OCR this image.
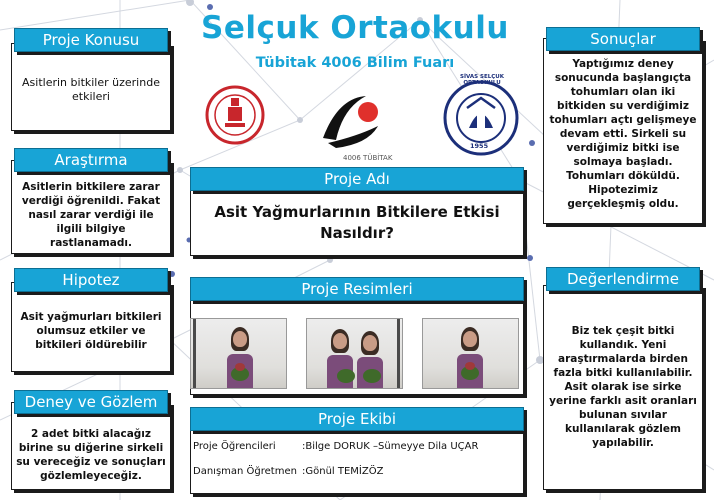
Selçuk Ortaokulu
Tübitak 4006 Bilim Fuarı
4006 TÜBİTAK
1955
SİVAS SELÇUK ORTAOKULU
Proje Konusu
Asitlerin bitkiler üzerinde etkileri
Araştırma
Asitlerin bitkilere zarar verdiği öğrenildi. Fakat nasıl zarar verdiği ile ilgili bilgiye rastlanamadı.
Hipotez
Asit yağmurları bitkileri olumsuz etkiler ve bitkileri öldürebilir
Deney ve Gözlem
2 adet bitki alacağız birine su diğerine sirkeli su vereceğiz ve sonuçları gözlemleyeceğiz.
Proje Adı
Asit Yağmurlarının Bitkilere Etkisi Nasıldır?
Proje Resimleri
Proje Ekibi
Proje Öğrencileri	:Bilge DORUK –Sümeyye Dila UÇAR
Danışman Öğretmen :Gönül TEMİZÖZ
Sonuçlar
Yaptığımız deney sonucunda başlangıçta tohumları olan iki bitkiden su verdiğimiz tohumları açtı gelişmeye devam etti. Sirkeli su verdiğimiz bitki ise solmaya başladı. Tohumları döküldü. Hipotezimiz gerçekleşmiş oldu.
Değerlendirme
Biz tek çeşit bitki kullandık. Yeni araştırmalarda birden fazla bitki kullanılabilir. Asit olarak ise sirke yerine farklı asit oranları bulunan sıvılar kullanılarak gözlem yapılabilir.
